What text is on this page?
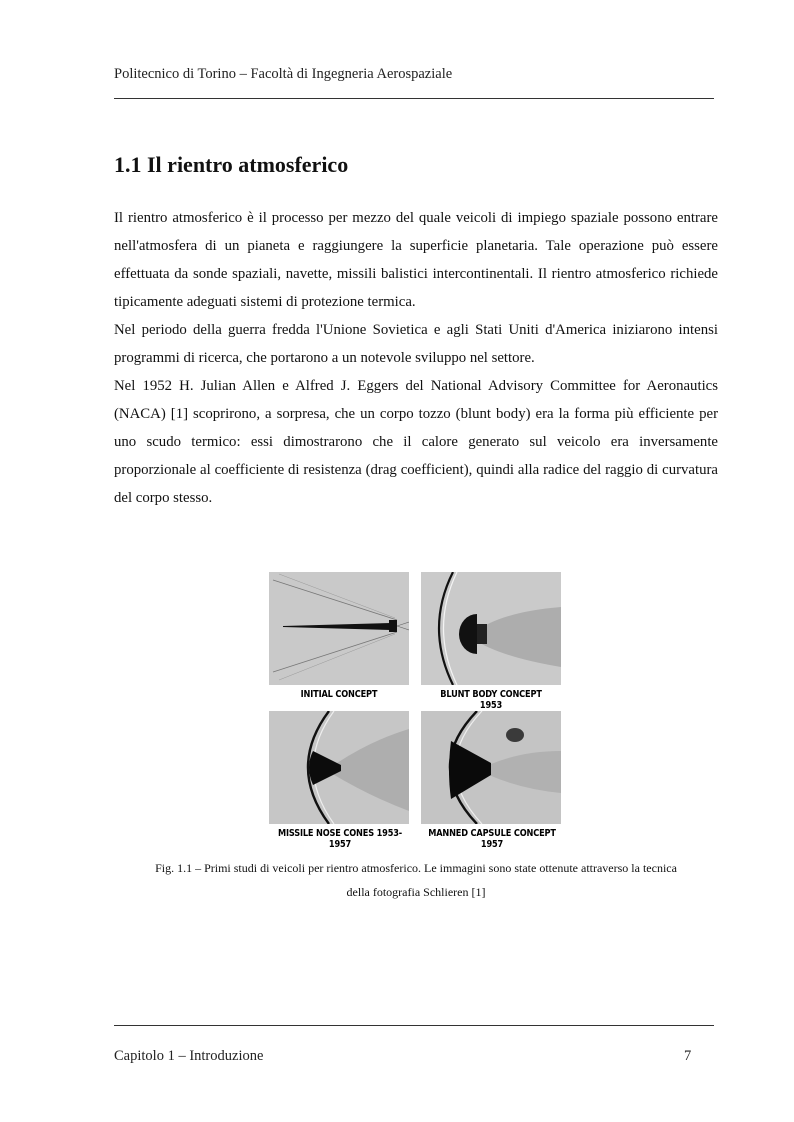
Politecnico di Torino – Facoltà di Ingegneria Aerospaziale
1.1 Il rientro atmosferico

Il rientro atmosferico è il processo per mezzo del quale veicoli di impiego spaziale possono entrare nell'atmosfera di un pianeta e raggiungere la superficie planetaria. Tale operazione può essere effettuata da sonde spaziali, navette, missili balistici intercontinentali. Il rientro atmosferico richiede tipicamente adeguati sistemi di protezione termica.

Nel periodo della guerra fredda l'Unione Sovietica e agli Stati Uniti d'America iniziarono intensi programmi di ricerca, che portarono a un notevole sviluppo nel settore.

Nel 1952 H. Julian Allen e Alfred J. Eggers del National Advisory Committee for Aeronautics (NACA) [1] scoprirono, a sorpresa, che un corpo tozzo (blunt body) era la forma più efficiente per uno scudo termico: essi dimostrarono che il calore generato sul veicolo era inversamente proporzionale al coefficiente di resistenza (drag coefficient), quindi alla radice del raggio di curvatura del corpo stesso.

INITIAL CONCEPT	BLUNT BODY CONCEPT 1953
MISSILE NOSE CONES 1953-1957
MANNED CAPSULE CONCEPT 1957
Fig. 1.1 – Primi studi di veicoli per rientro atmosferico. Le immagini sono state ottenute attraverso la tecnica
della fotografia Schlieren [1]
Capitolo 1 – Introduzione	7
